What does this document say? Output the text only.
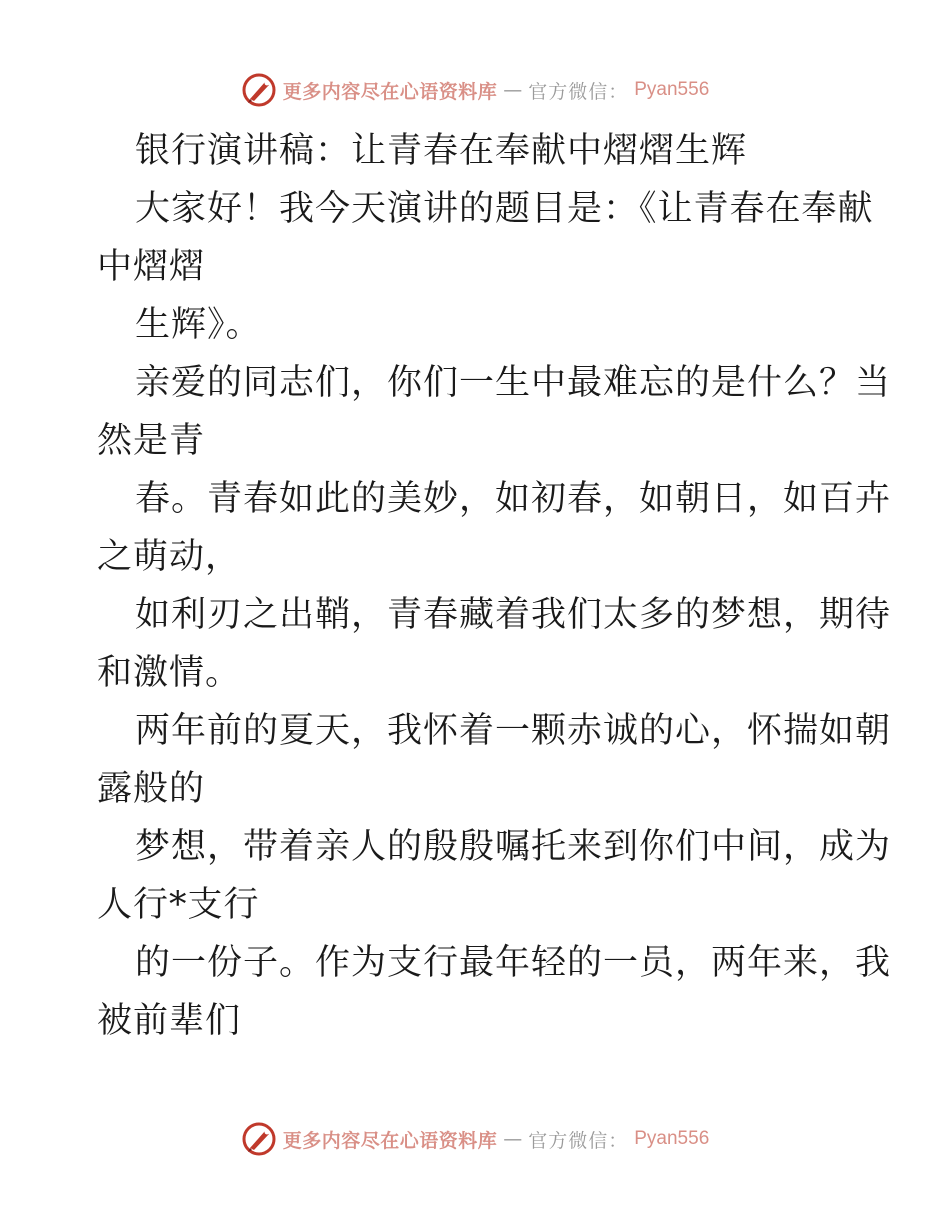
更多内容尽在心语资料库 — 官方微信： Pyan556

银行演讲稿：让青春在奉献中熠熠生辉

大家好！我今天演讲的题目是：《让青春在奉献

中熠熠

生辉》。

亲爱的同志们，你们一生中最难忘的是什么？当

然是青

春。青春如此的美妙，如初春，如朝日，如百卉

之萌动，

如利刃之出鞘，青春藏着我们太多的梦想，期待

和激情。

两年前的夏天，我怀着一颗赤诚的心，怀揣如朝

露般的

梦想，带着亲人的殷殷嘱托来到你们中间，成为

人行*支行

的一份子。作为支行最年轻的一员，两年来，我

被前辈们

更多内容尽在心语资料库 — 官方微信： Pyan556
